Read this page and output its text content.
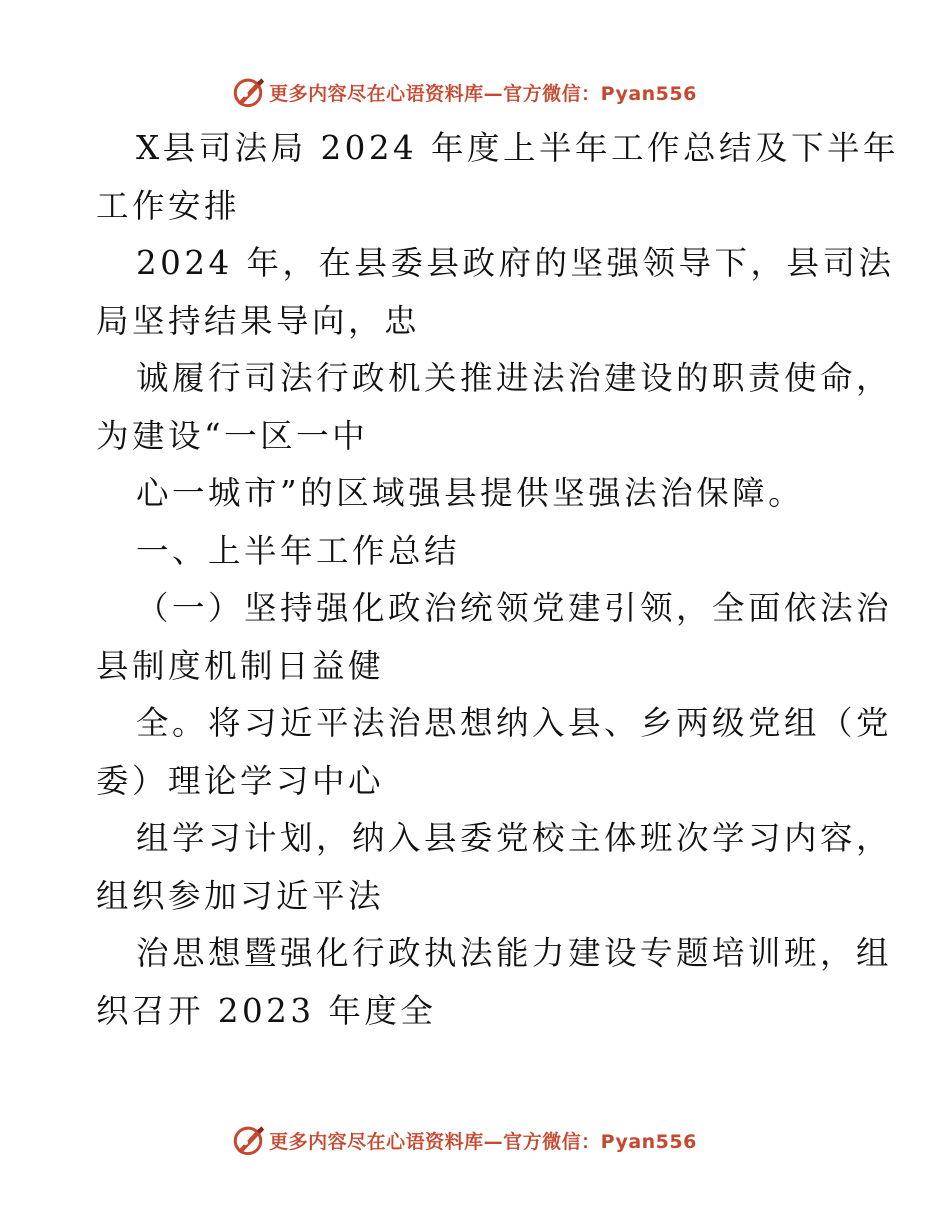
更多内容尽在心语资料库—官方微信：Pyan556
X县司法局 2024 年度上半年工作总结及下半年
工作安排
2024 年，在县委县政府的坚强领导下，县司法
局坚持结果导向，忠
诚履行司法行政机关推进法治建设的职责使命，
为建设“一区一中
心一城市”的区域强县提供坚强法治保障。
一、上半年工作总结
（一）坚持强化政治统领党建引领，全面依法治
县制度机制日益健
全。将习近平法治思想纳入县、乡两级党组（党
委）理论学习中心
组学习计划，纳入县委党校主体班次学习内容，
组织参加习近平法
治思想暨强化行政执法能力建设专题培训班，组
织召开 2023 年度全
更多内容尽在心语资料库—官方微信：Pyan556
